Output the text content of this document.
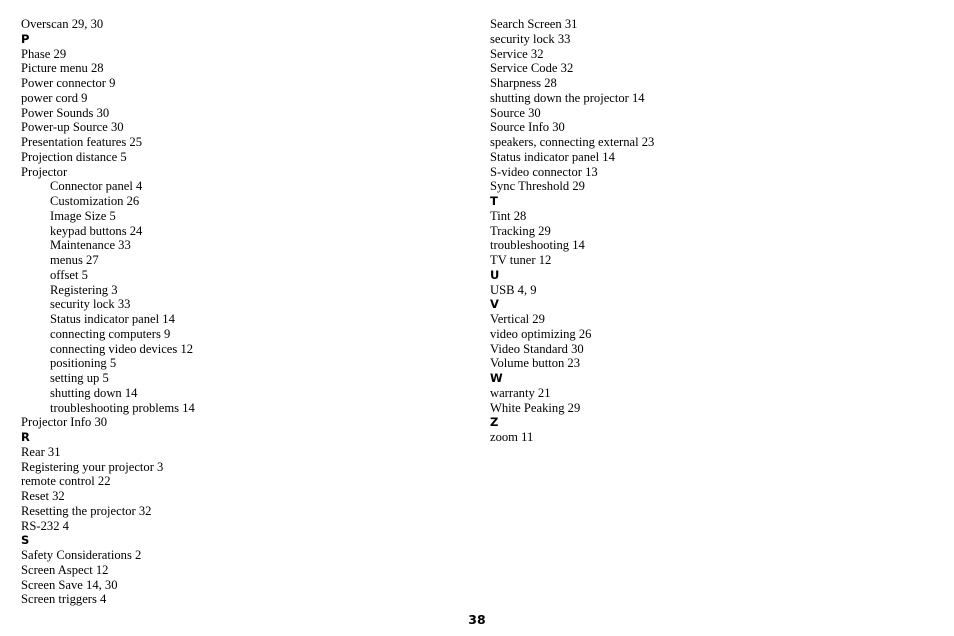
Overscan 29, 30
P
Phase 29
Picture menu 28
Power connector 9
power cord 9
Power Sounds 30
Power-up Source 30
Presentation features 25
Projection distance 5
Projector
Connector panel 4
Customization 26
Image Size 5
keypad buttons 24
Maintenance 33
menus 27
offset 5
Registering 3
security lock 33
Status indicator panel 14
connecting computers 9
connecting video devices 12
positioning 5
setting up 5
shutting down 14
troubleshooting problems 14
Projector Info 30
R
Rear 31
Registering your projector 3
remote control 22
Reset 32
Resetting the projector 32
RS-232 4
S
Safety Considerations 2
Screen Aspect 12
Screen Save 14, 30
Screen triggers 4
Search Screen 31
security lock 33
Service 32
Service Code 32
Sharpness 28
shutting down the projector 14
Source 30
Source Info 30
speakers, connecting external 23
Status indicator panel 14
S-video connector 13
Sync Threshold 29
T
Tint 28
Tracking 29
troubleshooting 14
TV tuner 12
U
USB 4, 9
V
Vertical 29
video optimizing 26
Video Standard 30
Volume button 23
W
warranty 21
White Peaking 29
Z
zoom 11
38
